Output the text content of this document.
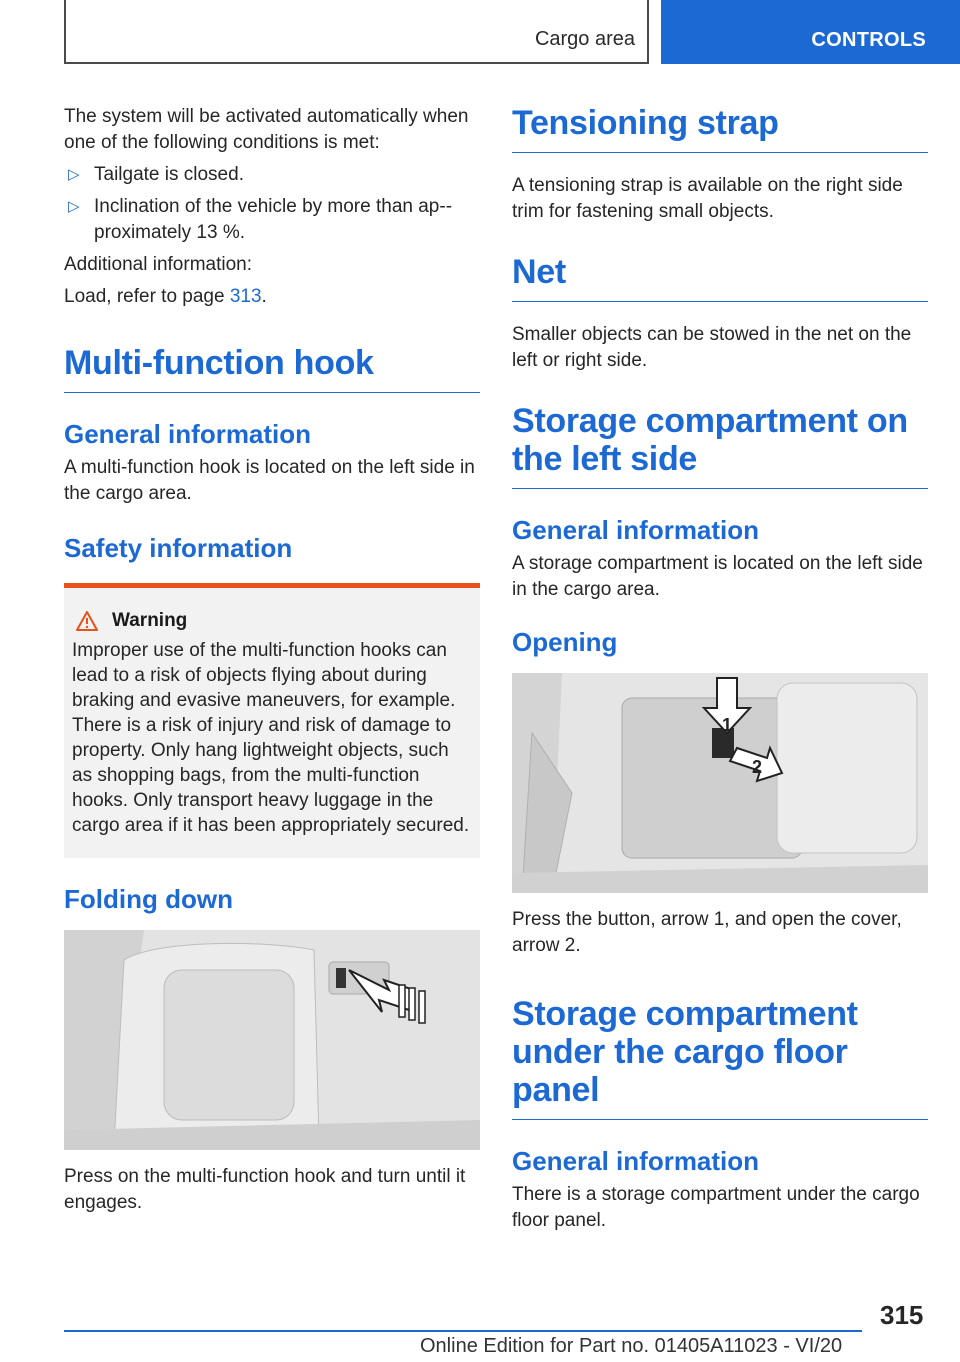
Cargo area	CONTROLS

The system will be activated automatically when one of the following conditions is met:

▷ Tailgate is closed.
▷ Inclination of the vehicle by more than ap-proximately 13 %.

Additional information:

Load, refer to page 313.

Multi-function hook
General information

A multi-function hook is located on the left side in the cargo area.

Safety information
Warning
Improper use of the multi-function hooks can lead to a risk of objects flying about during braking and evasive maneuvers, for example. There is a risk of injury and risk of damage to property. Only hang lightweight objects, such as shopping bags, from the multi-function hooks. Only transport heavy luggage in the cargo area if it has been appropriately secured.
Folding down

Press on the multi-function hook and turn until it engages.

Tensioning strap

A tensioning strap is available on the right side trim for fastening small objects.

Net

Smaller objects can be stowed in the net on the left or right side.

Storage compartment on the left side
General information

A storage compartment is located on the left side in the cargo area.

Opening
1
2

Press the button, arrow 1, and open the cover, arrow 2.

Storage compartment under the cargo floor panel
General information

There is a storage compartment under the cargo floor panel.

315
Online Edition for Part no. 01405A11023 - VI/20
